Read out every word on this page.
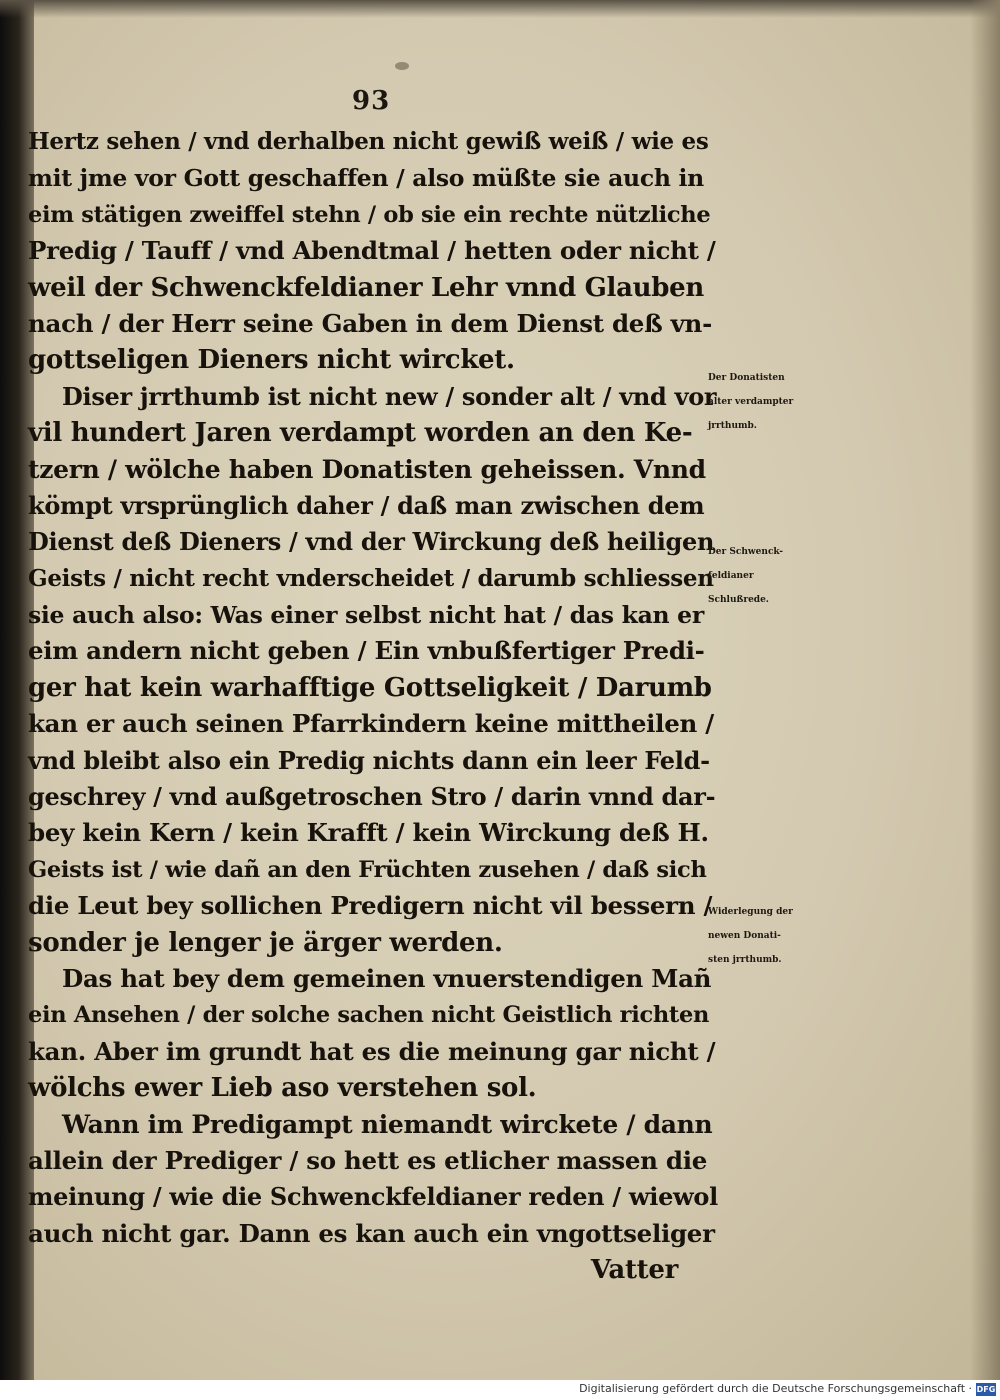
93
Hertz sehen / vnd derhalben nicht gewiß weiß / wie es
mit jme vor Gott geschaffen / also müßte sie auch in
eim stätigen zweiffel stehn / ob sie ein rechte nützliche
Predig / Tauff / vnd Abendtmal / hetten oder nicht /
weil der Schwenckfeldianer Lehr vnnd Glauben
nach / der Herr seine Gaben in dem Dienst deß vn-
gottseligen Dieners nicht wircket.
Diser jrrthumb ist nicht new / sonder alt / vnd vor
vil hundert Jaren verdampt worden an den Ke-
tzern / wölche haben Donatisten geheissen. Vnnd
kömpt vrsprünglich daher / daß man zwischen dem
Dienst deß Dieners / vnd der Wirckung deß heiligen
Geists / nicht recht vnderscheidet / darumb schliessen
sie auch also: Was einer selbst nicht hat / das kan er
eim andern nicht geben / Ein vnbußfertiger Predi-
ger hat kein warhafftige Gottseligkeit / Darumb
kan er auch seinen Pfarrkindern keine mittheilen /
vnd bleibt also ein Predig nichts dann ein leer Feld-
geschrey / vnd außgetroschen Stro / darin vnnd dar-
bey kein Kern / kein Krafft / kein Wirckung deß H.
Geists ist / wie dañ an den Früchten zusehen / daß sich
die Leut bey sollichen Predigern nicht vil bessern /
sonder je lenger je ärger werden.
Das hat bey dem gemeinen vnuerstendigen Mañ
ein Ansehen / der solche sachen nicht Geistlich richten
kan. Aber im grundt hat es die meinung gar nicht /
wölchs ewer Lieb aso verstehen sol.
Wann im Predigampt niemandt wirckete / dann
allein der Prediger / so hett es etlicher massen die
meinung / wie die Schwenckfeldianer reden / wiewol
auch nicht gar. Dann es kan auch ein vngottseliger
Vatter
Der Donatisten
alter verdampter
jrrthumb.
Der Schwenck-
feldianer
Schlußrede.
Widerlegung der
newen Donati-
sten jrrthumb.
Digitalisierung gefördert durch die Deutsche Forschungsgemeinschaft · DFG
